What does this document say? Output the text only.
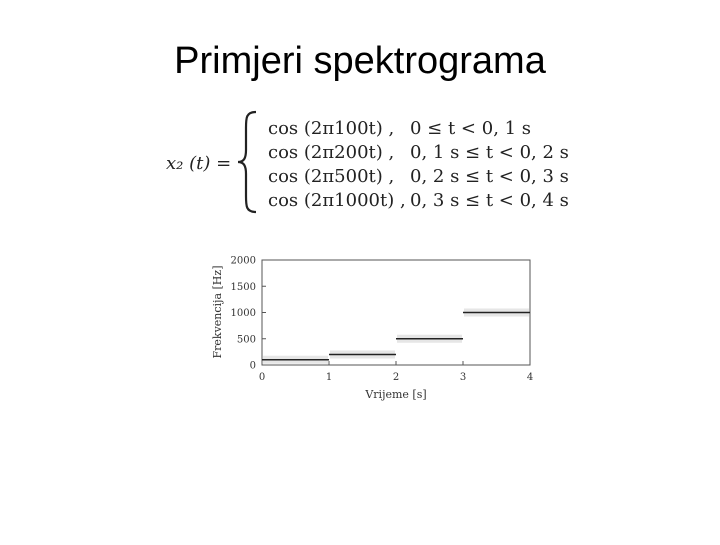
Primjeri spektrograma
x₂ (t) =
cos (2π100t) , 0 ≤ t < 0, 1 s
cos (2π200t) , 0, 1 s ≤ t < 0, 2 s
cos (2π500t) , 0, 2 s ≤ t < 0, 3 s
cos (2π1000t) , 0, 3 s ≤ t < 0, 4 s
0	1	2	3	4
0
500
1000
1500
2000
Vrijeme [s]
Frekvencija [Hz]
